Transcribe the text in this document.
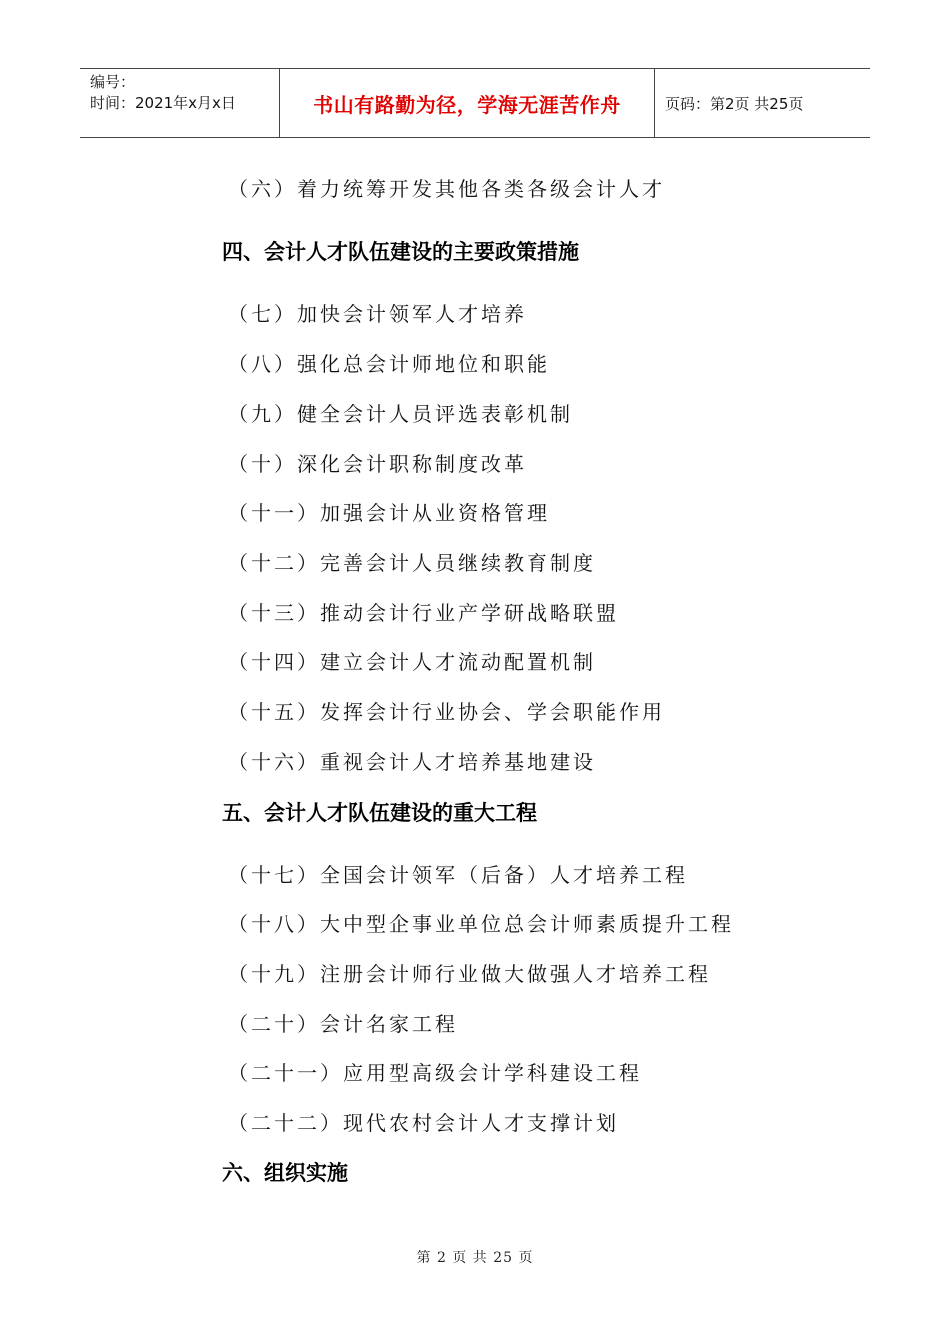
编号：
时间：2021年x月x日	书山有路勤为径，学海无涯苦作舟	页码：第2页 共25页
（六）着力统筹开发其他各类各级会计人才
四、会计人才队伍建设的主要政策措施
（七）加快会计领军人才培养
（八）强化总会计师地位和职能
（九）健全会计人员评选表彰机制
（十）深化会计职称制度改革
（十一）加强会计从业资格管理
（十二）完善会计人员继续教育制度
（十三）推动会计行业产学研战略联盟
（十四）建立会计人才流动配置机制
（十五）发挥会计行业协会、学会职能作用
（十六）重视会计人才培养基地建设
五、会计人才队伍建设的重大工程
（十七）全国会计领军（后备）人才培养工程
（十八）大中型企事业单位总会计师素质提升工程
（十九）注册会计师行业做大做强人才培养工程
（二十）会计名家工程
（二十一）应用型高级会计学科建设工程
（二十二）现代农村会计人才支撑计划
六、组织实施
第 2 页 共 25 页
